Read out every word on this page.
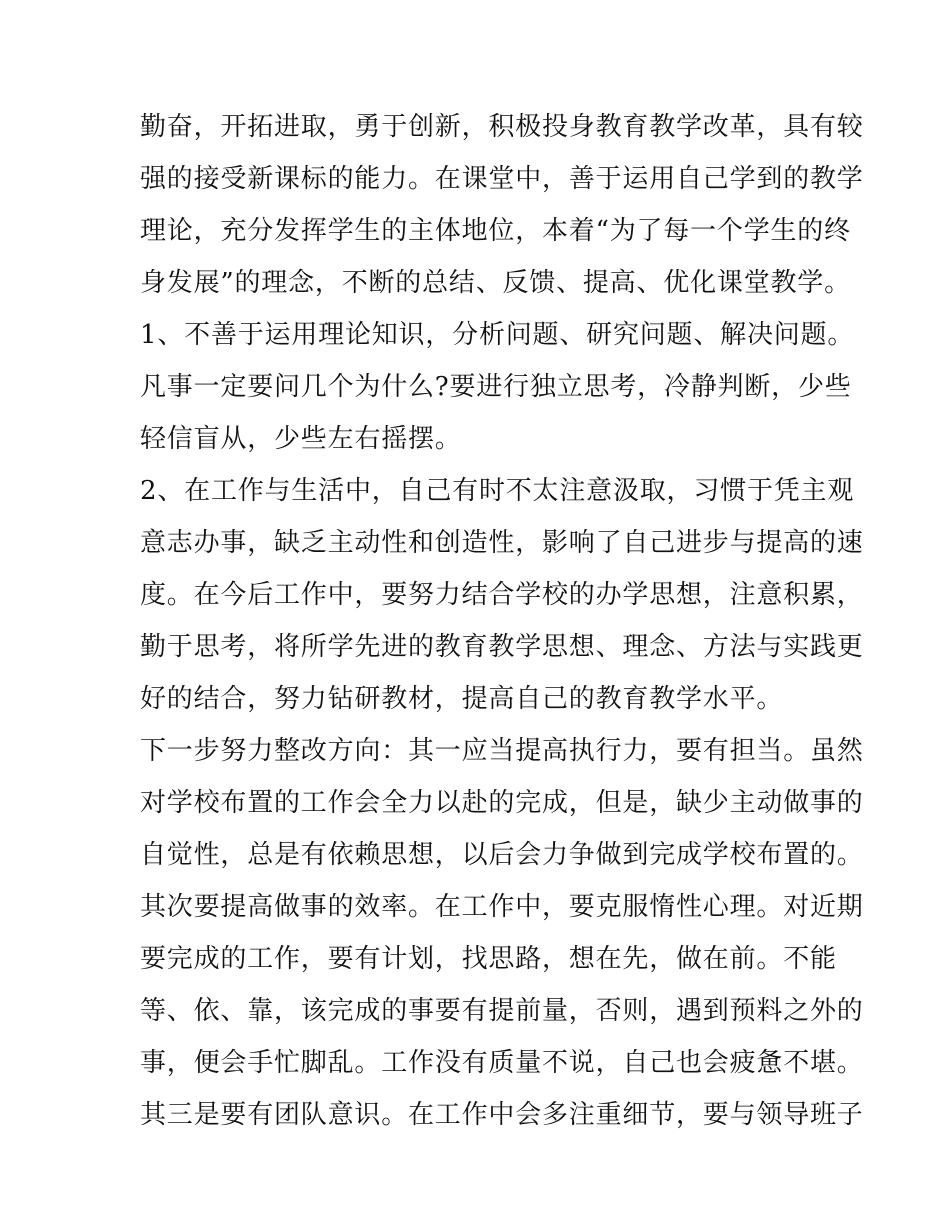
勤奋，开拓进取，勇于创新，积极投身教育教学改革，具有较
强的接受新课标的能力。在课堂中，善于运用自己学到的教学
理论，充分发挥学生的主体地位，本着“为了每一个学生的终
身发展”的理念，不断的总结、反馈、提高、优化课堂教学。
1、不善于运用理论知识，分析问题、研究问题、解决问题。
凡事一定要问几个为什么?要进行独立思考，冷静判断，少些
轻信盲从，少些左右摇摆。
2、在工作与生活中，自己有时不太注意汲取，习惯于凭主观
意志办事，缺乏主动性和创造性，影响了自己进步与提高的速
度。在今后工作中，要努力结合学校的办学思想，注意积累，
勤于思考，将所学先进的教育教学思想、理念、方法与实践更
好的结合，努力钻研教材，提高自己的教育教学水平。
下一步努力整改方向：其一应当提高执行力，要有担当。虽然
对学校布置的工作会全力以赴的完成，但是，缺少主动做事的
自觉性，总是有依赖思想，以后会力争做到完成学校布置的。
其次要提高做事的效率。在工作中，要克服惰性心理。对近期
要完成的工作，要有计划，找思路，想在先，做在前。不能
等、依、靠，该完成的事要有提前量，否则，遇到预料之外的
事，便会手忙脚乱。工作没有质量不说，自己也会疲惫不堪。
其三是要有团队意识。在工作中会多注重细节，要与领导班子
